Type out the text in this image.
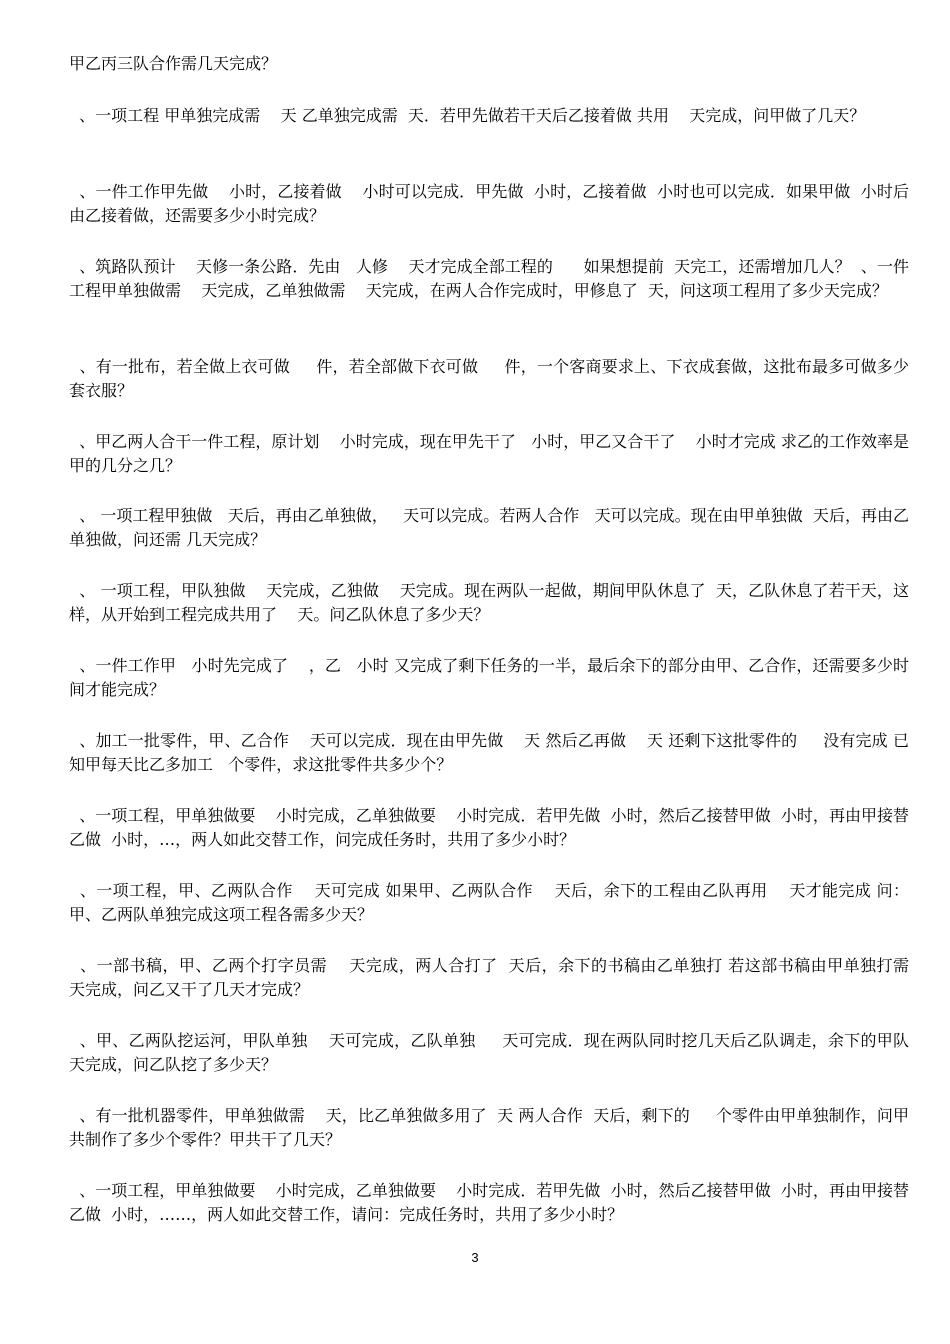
甲乙丙三队合作需几天完成？

、一项工程 甲单独完成需    天 乙单独完成需  天．若甲先做若干天后乙接着做 共用    天完成，问甲做了几天？

、一件工作甲先做    小时，乙接着做    小时可以完成．甲先做  小时，乙接着做  小时也可以完成．如果甲做  小时后由乙接着做，还需要多少小时完成？

、筑路队预计    天修一条公路．先由   人修    天才完成全部工程的      如果想提前  天完工，还需增加几人？  、一件工程甲单独做需    天完成，乙单独做需    天完成，在两人合作完成时，甲修息了  天，问这项工程用了多少天完成？

、有一批布，若全做上衣可做     件，若全部做下衣可做     件，一个客商要求上、下衣成套做，这批布最多可做多少套衣服？

、甲乙两人合干一件工程，原计划    小时完成，现在甲先干了   小时，甲乙又合干了    小时才完成 求乙的工作效率是甲的几分之几？

、 一项工程甲独做   天后，再由乙单独做，   天可以完成。若两人合作   天可以完成。现在由甲单独做  天后，再由乙单独做，问还需 几天完成？

、 一项工程，甲队独做    天完成，乙独做    天完成。现在两队一起做，期间甲队休息了  天，乙队休息了若干天，这样，从开始到工程完成共用了    天。问乙队休息了多少天？

、一件工作甲   小时先完成了    ，乙   小时 又完成了剩下任务的一半，最后余下的部分由甲、乙合作，还需要多少时间才能完成？

、加工一批零件，甲、乙合作    天可以完成．现在由甲先做    天 然后乙再做    天 还剩下这批零件的     没有完成 已知甲每天比乙多加工   个零件，求这批零件共多少个？

、一项工程，甲单独做要    小时完成，乙单独做要    小时完成．若甲先做  小时，然后乙接替甲做  小时，再由甲接替乙做  小时，…，两人如此交替工作，问完成任务时，共用了多少小时？

、一项工程，甲、乙两队合作    天可完成 如果甲、乙两队合作    天后，余下的工程由乙队再用    天才能完成 问：甲、乙两队单独完成这项工程各需多少天？

、一部书稿，甲、乙两个打字员需    天完成，两人合打了  天后，余下的书稿由乙单独打 若这部书稿由甲单独打需    天完成，问乙又干了几天才完成？

、甲、乙两队挖运河，甲队单独    天可完成，乙队单独     天可完成．现在两队同时挖几天后乙队调走，余下的甲队  天完成，问乙队挖了多少天？

、有一批机器零件，甲单独做需    天，比乙单独做多用了  天 两人合作  天后，剩下的     个零件由甲单独制作，问甲共制作了多少个零件？甲共干了几天？

、一项工程，甲单独做要    小时完成，乙单独做要    小时完成．若甲先做  小时，然后乙接替甲做  小时，再由甲接替乙做  小时，……，两人如此交替工作，请问：完成任务时，共用了多少小时？

3
